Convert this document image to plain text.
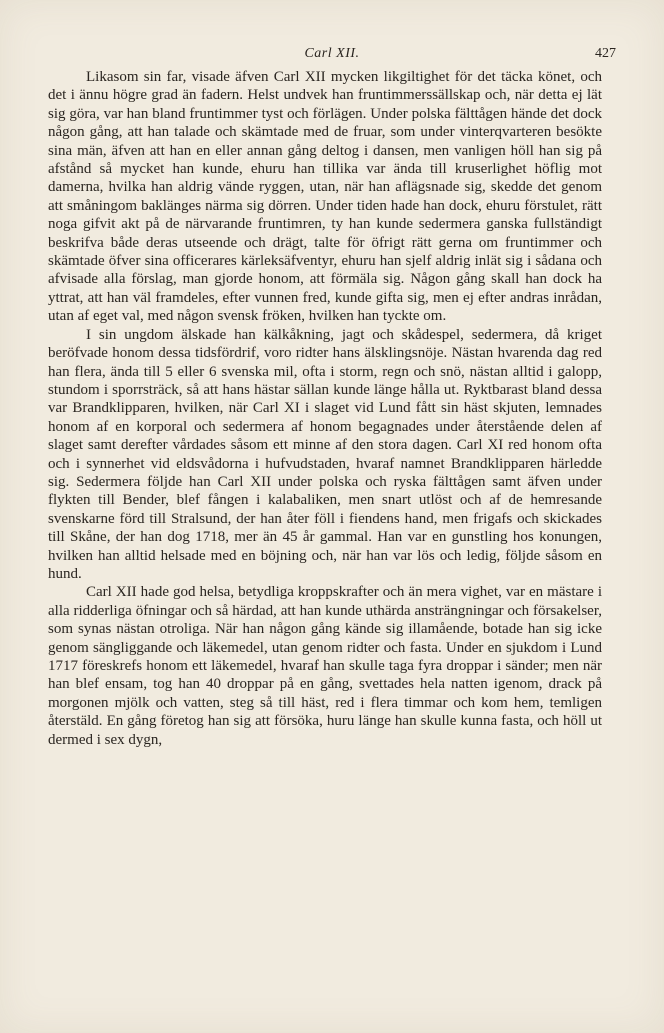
Carl XII.	427

Likasom sin far, visade äfven Carl XII mycken likgiltighet för det täcka könet, och det i ännu högre grad än fadern. Helst undvek han fruntimmerssällskap och, när detta ej lät sig göra, var han bland fruntimmer tyst och förlägen. Under polska fälttågen hände det dock någon gång, att han talade och skämtade med de fruar, som under vinterqvarteren besökte sina män, äfven att han en eller annan gång deltog i dansen, men vanligen höll han sig på afstånd så mycket han kunde, ehuru han tillika var ända till kruserlighet höflig mot damerna, hvilka han aldrig vände ryggen, utan, när han aflägsnade sig, skedde det genom att småningom baklänges närma sig dörren. Under tiden hade han dock, ehuru förstulet, rätt noga gifvit akt på de närvarande fruntimren, ty han kunde sedermera ganska fullständigt beskrifva både deras utseende och drägt, talte för öfrigt rätt gerna om fruntimmer och skämtade öfver sina officerares kärleksäfventyr, ehuru han sjelf aldrig inlät sig i sådana och afvisade alla förslag, man gjorde honom, att förmäla sig. Någon gång skall han dock ha yttrat, att han väl framdeles, efter vunnen fred, kunde gifta sig, men ej efter andras inrådan, utan af eget val, med någon svensk fröken, hvilken han tyckte om.

I sin ungdom älskade han kälkåkning, jagt och skådespel, sedermera, då kriget beröfvade honom dessa tidsfördrif, voro ridter hans älsklingsnöje. Nästan hvarenda dag red han flera, ända till 5 eller 6 svenska mil, ofta i storm, regn och snö, nästan alltid i galopp, stundom i sporrsträck, så att hans hästar sällan kunde länge hålla ut. Ryktbarast bland dessa var Brandklipparen, hvilken, när Carl XI i slaget vid Lund fått sin häst skjuten, lemnades honom af en korporal och sedermera af honom begagnades under återstående delen af slaget samt derefter vårdades såsom ett minne af den stora dagen. Carl XI red honom ofta och i synnerhet vid eldsvådorna i hufvudstaden, hvaraf namnet Brandklipparen härledde sig. Sedermera följde han Carl XII under polska och ryska fälttågen samt äfven under flykten till Bender, blef fången i kalabaliken, men snart utlöst och af de hemresande svenskarne förd till Stralsund, der han åter föll i fiendens hand, men frigafs och skickades till Skåne, der han dog 1718, mer än 45 år gammal. Han var en gunstling hos konungen, hvilken han alltid helsade med en böjning och, när han var lös och ledig, följde såsom en hund.

Carl XII hade god helsa, betydliga kroppskrafter och än mera vighet, var en mästare i alla ridderliga öfningar och så härdad, att han kunde uthärda ansträngningar och försakelser, som synas nästan otroliga. När han någon gång kände sig illamående, botade han sig icke genom sängliggande och läkemedel, utan genom ridter och fasta. Under en sjukdom i Lund 1717 föreskrefs honom ett läkemedel, hvaraf han skulle taga fyra droppar i sänder; men när han blef ensam, tog han 40 droppar på en gång, svettades hela natten igenom, drack på morgonen mjölk och vatten, steg så till häst, red i flera timmar och kom hem, temligen återstäld. En gång företog han sig att försöka, huru länge han skulle kunna fasta, och höll ut dermed i sex dygn,
